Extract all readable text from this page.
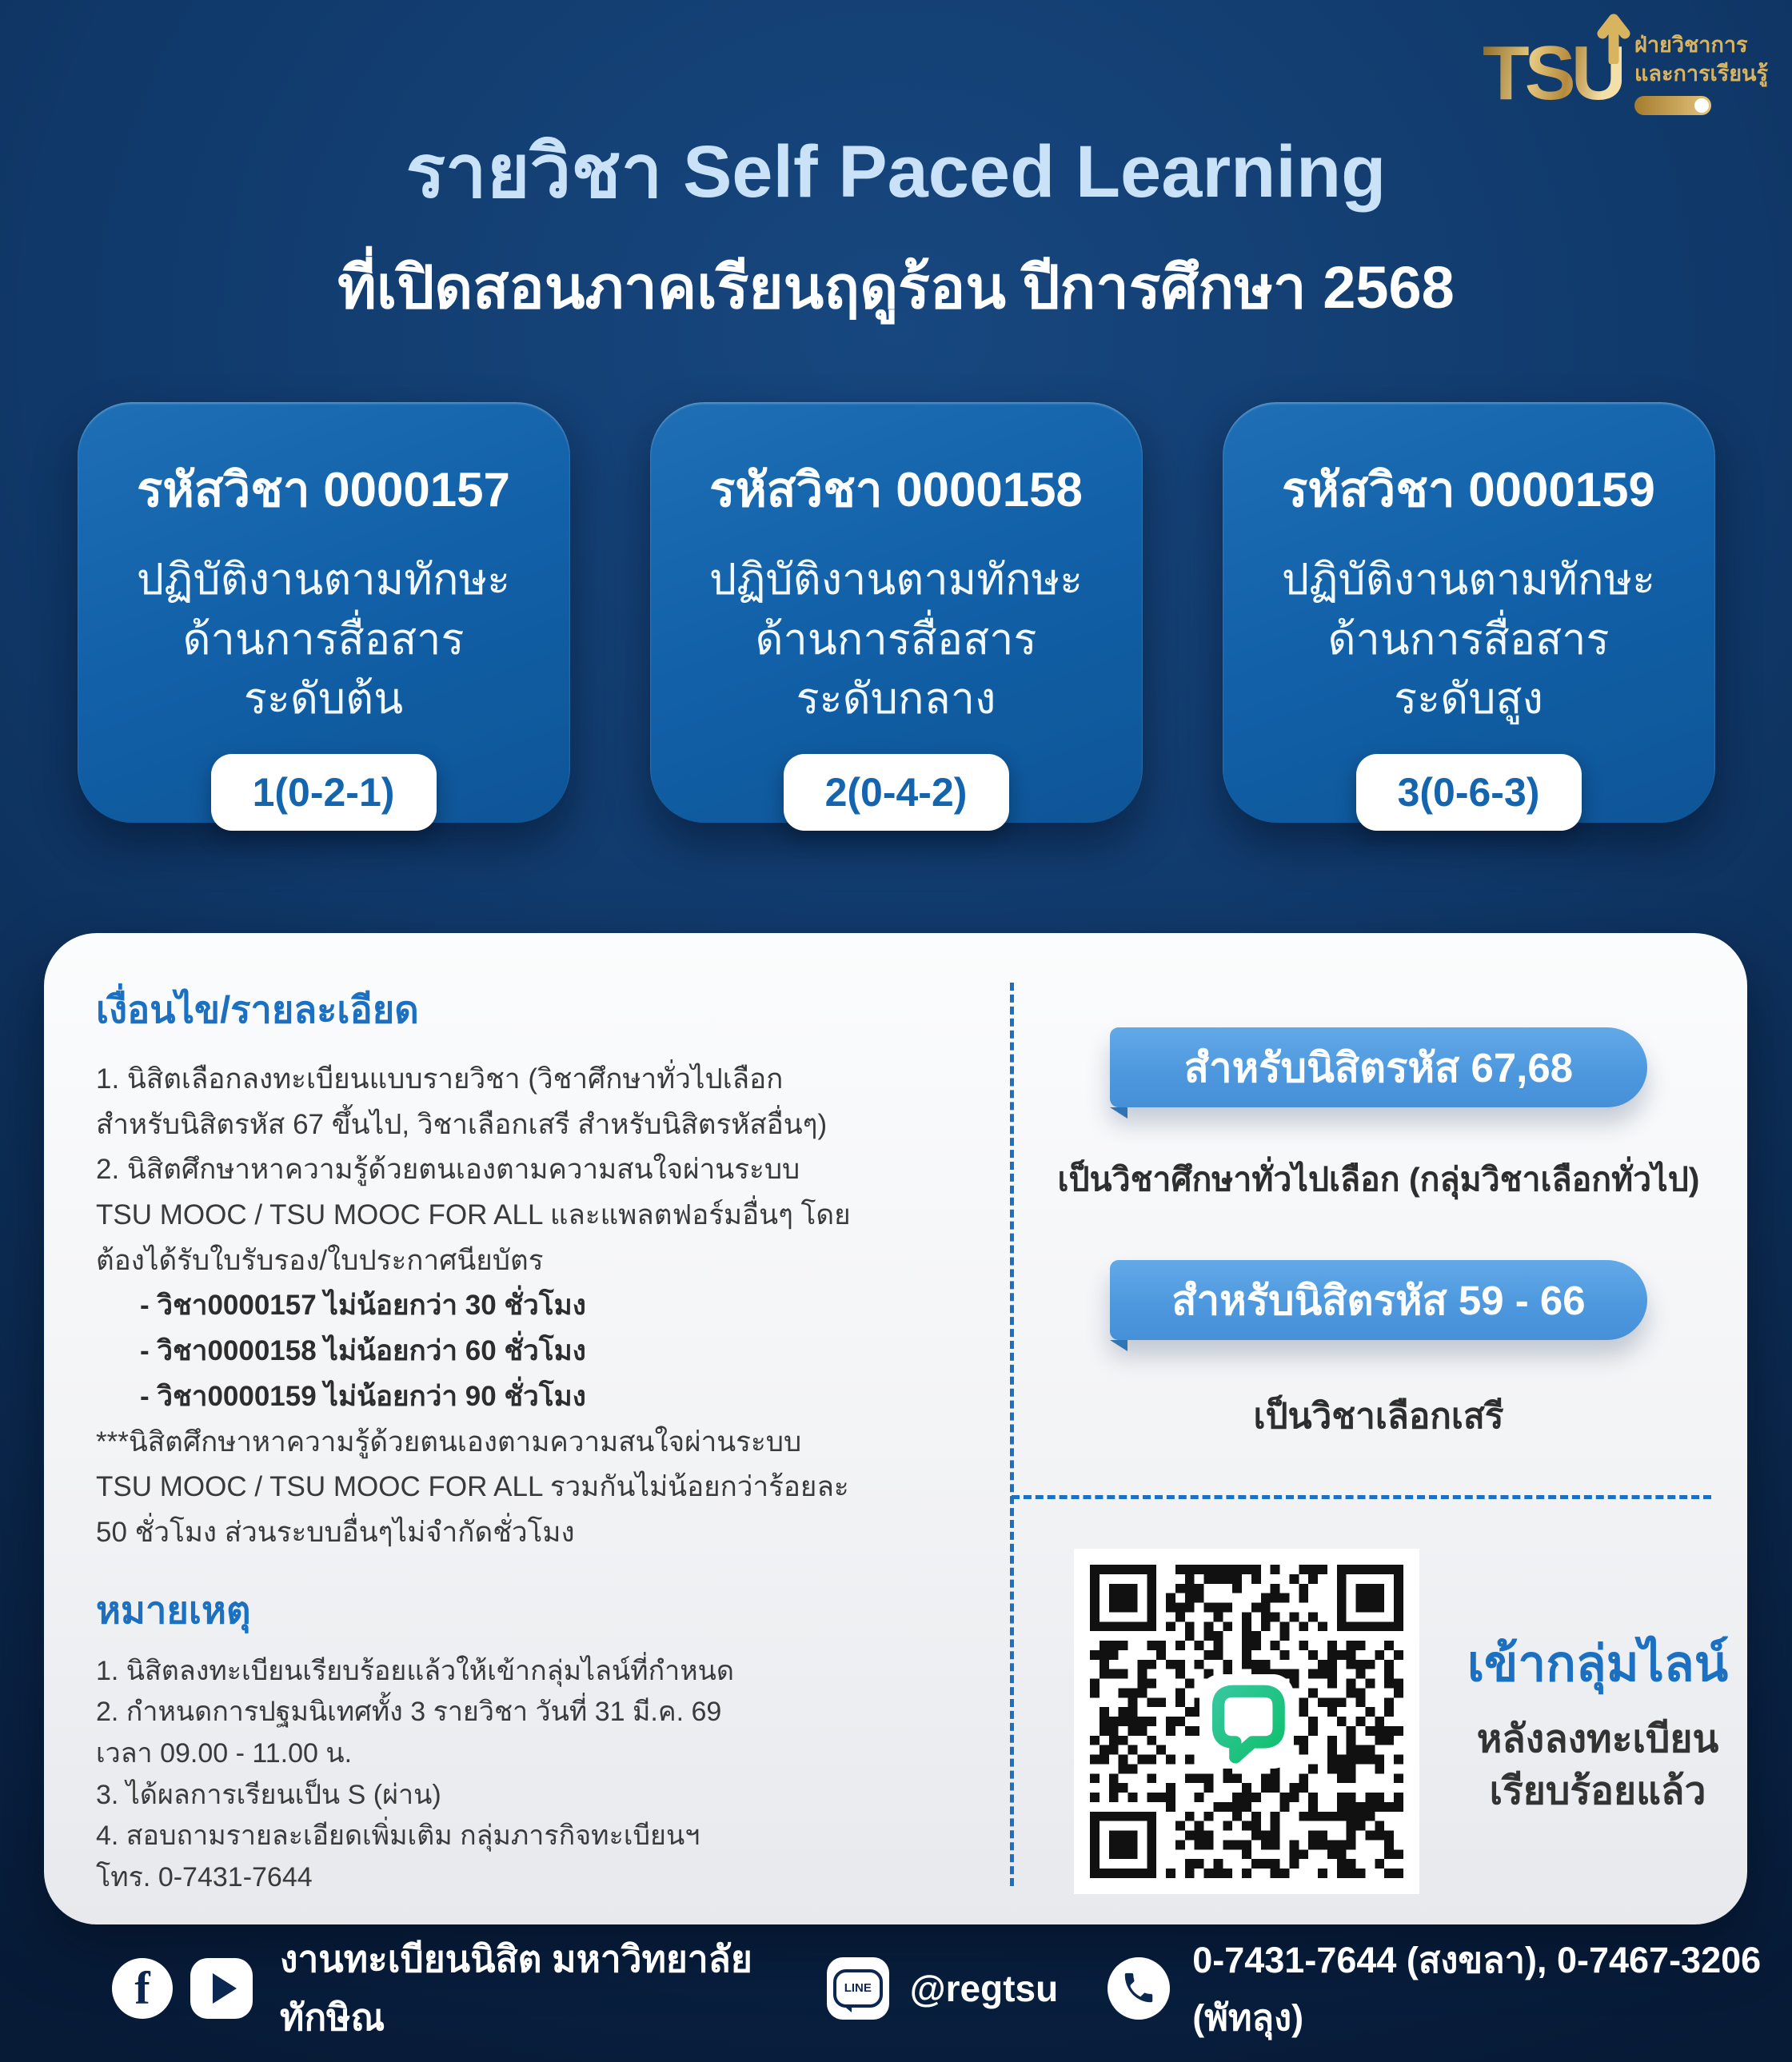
TSU ฝ่ายวิชาการ
และการเรียนรู้
รายวิชา Self Paced Learning
ที่เปิดสอนภาคเรียนฤดูร้อน ปีการศึกษา 2568
รหัสวิชา 0000157
ปฏิบัติงานตามทักษะ
ด้านการสื่อสาร
ระดับต้น
1(0-2-1)
รหัสวิชา 0000158
ปฏิบัติงานตามทักษะ
ด้านการสื่อสาร
ระดับกลาง
2(0-4-2)
รหัสวิชา 0000159
ปฏิบัติงานตามทักษะ
ด้านการสื่อสาร
ระดับสูง
3(0-6-3)
เงื่อนไข/รายละเอียด
1. นิสิตเลือกลงทะเบียนแบบรายวิชา (วิชาศึกษาทั่วไปเลือก
สำหรับนิสิตรหัส 67 ขึ้นไป, วิชาเลือกเสรี สำหรับนิสิตรหัสอื่นๆ)
2. นิสิตศึกษาหาความรู้ด้วยตนเองตามความสนใจผ่านระบบ
TSU MOOC / TSU MOOC FOR ALL และแพลตฟอร์มอื่นๆ โดย
ต้องได้รับใบรับรอง/ใบประกาศนียบัตร
- วิชา0000157 ไม่น้อยกว่า 30 ชั่วโมง
- วิชา0000158 ไม่น้อยกว่า 60 ชั่วโมง
- วิชา0000159 ไม่น้อยกว่า 90 ชั่วโมง
***นิสิตศึกษาหาความรู้ด้วยตนเองตามความสนใจผ่านระบบ
TSU MOOC / TSU MOOC FOR ALL รวมกันไม่น้อยกว่าร้อยละ
50 ชั่วโมง ส่วนระบบอื่นๆไม่จำกัดชั่วโมง
หมายเหตุ
1. นิสิตลงทะเบียนเรียบร้อยแล้วให้เข้ากลุ่มไลน์ที่กำหนด
2. กำหนดการปฐมนิเทศทั้ง 3 รายวิชา วันที่ 31 มี.ค. 69
เวลา 09.00 - 11.00 น.
3. ได้ผลการเรียนเป็น S (ผ่าน)
4. สอบถามรายละเอียดเพิ่มเติม กลุ่มภารกิจทะเบียนฯ
โทร. 0-7431-7644
สำหรับนิสิตรหัส 67,68
เป็นวิชาศึกษาทั่วไปเลือก (กลุ่มวิชาเลือกทั่วไป)
สำหรับนิสิตรหัส 59 - 66
เป็นวิชาเลือกเสรี
เข้ากลุ่มไลน์
หลังลงทะเบียน
เรียบร้อยแล้ว
f
งานทะเบียนนิสิต มหาวิทยาลัยทักษิณ
LINE	@regtsu
0-7431-7644 (สงขลา), 0-7467-3206 (พัทลุง)
